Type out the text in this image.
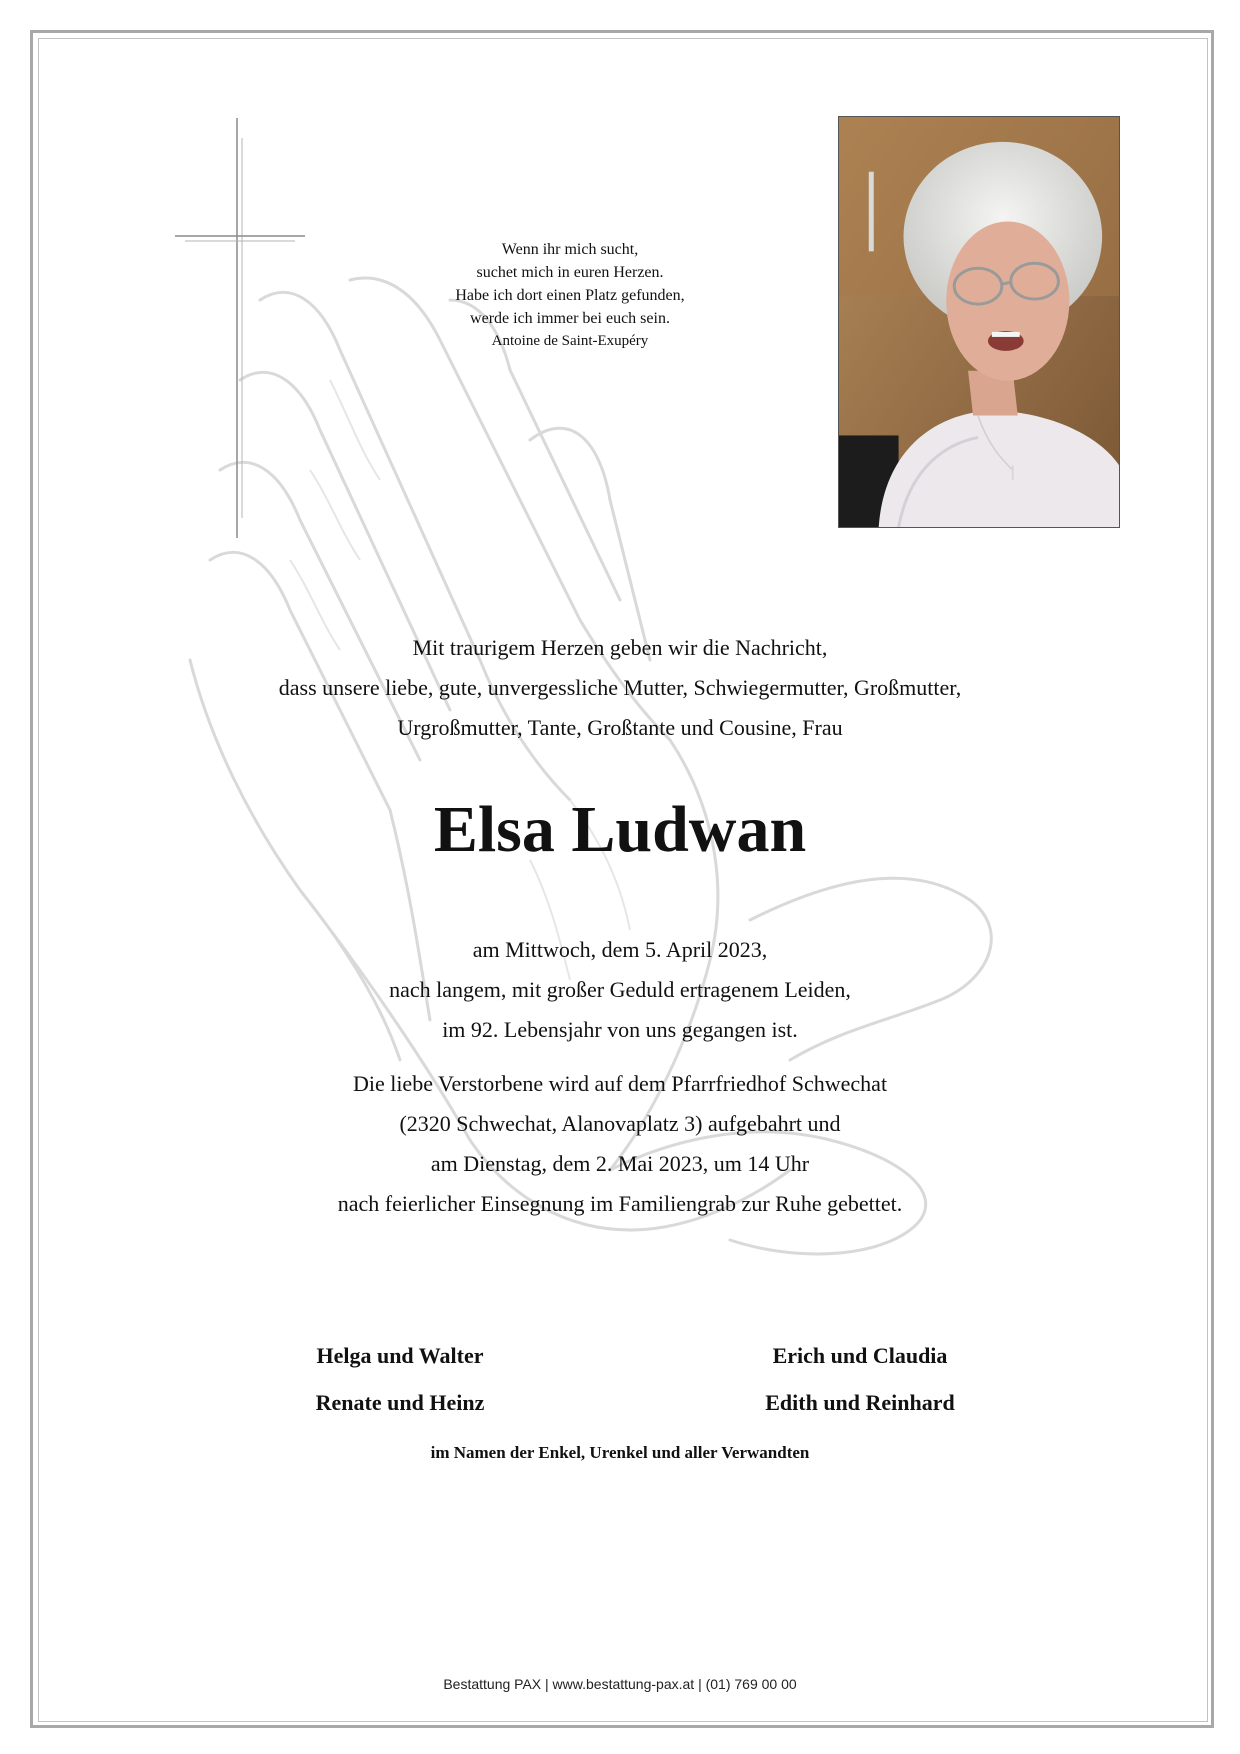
Wenn ihr mich sucht,
suchet mich in euren Herzen.
Habe ich dort einen Platz gefunden,
werde ich immer bei euch sein.
Antoine de Saint-Exupéry
Mit traurigem Herzen geben wir die Nachricht,
dass unsere liebe, gute, unvergessliche Mutter, Schwiegermutter, Großmutter,
Urgroßmutter, Tante, Großtante und Cousine, Frau
Elsa Ludwan
am Mittwoch, dem 5. April 2023,
nach langem, mit großer Geduld ertragenem Leiden,
im 92. Lebensjahr von uns gegangen ist.
Die liebe Verstorbene wird auf dem Pfarrfriedhof Schwechat
(2320 Schwechat, Alanovaplatz 3) aufgebahrt und
am Dienstag, dem 2. Mai 2023, um 14 Uhr
nach feierlicher Einsegnung im Familiengrab zur Ruhe gebettet.
Helga und Walter
Renate und Heinz
Erich und Claudia
Edith und Reinhard
im Namen der Enkel, Urenkel und aller Verwandten
Bestattung PAX | www.bestattung-pax.at | (01) 769 00 00
